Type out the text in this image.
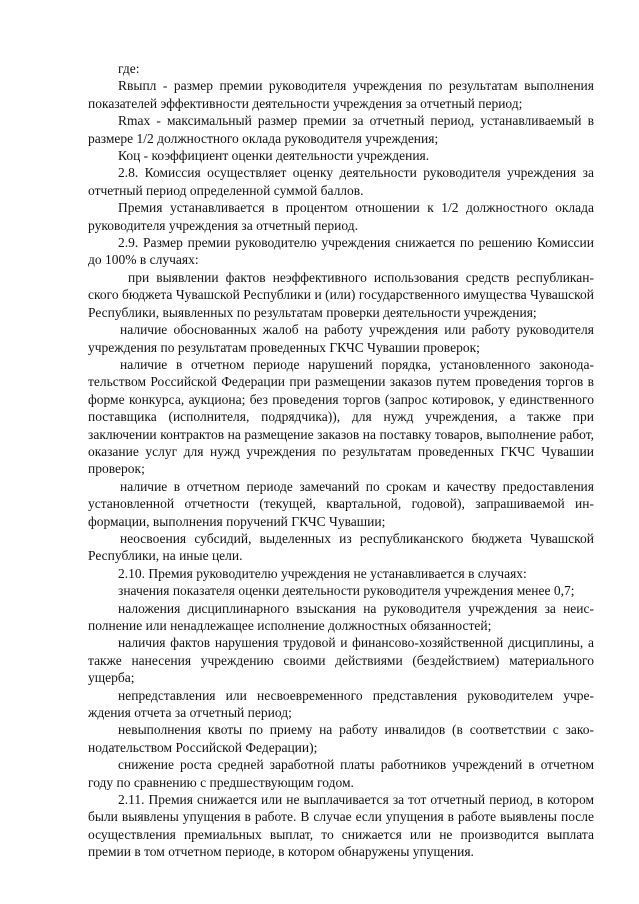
где:

Rвыпл - размер премии руководителя учреждения по результатам выполнения показателей эффективности деятельности учреждения за отчетный период;

Rmax - максимальный размер премии за отчетный период, устанавливаемый в размере 1/2 должностного оклада руководителя учреждения;

Коц - коэффициент оценки деятельности учреждения.

2.8. Комиссия осуществляет оценку деятельности руководителя учреждения за отчетный период определенной суммой баллов.

Премия устанавливается в процентом отношении к 1/2 должностного оклада руководителя учреждения за отчетный период.

2.9. Размер премии руководителю учреждения снижается по решению Комиссии до 100% в случаях:

при выявлении фактов неэффективного использования средств республиканского бюджета Чувашской Республики и (или) государственного имущества Чувашской Республики, выявленных по результатам проверки деятельности учреждения;

наличие обоснованных жалоб на работу учреждения или работу руководителя учреждения по результатам проведенных ГКЧС Чувашии проверок;

наличие в отчетном периоде нарушений порядка, установленного законодательством Российской Федерации при размещении заказов путем проведения торгов в форме конкурса, аукциона; без проведения торгов (запрос котировок, у единственного поставщика (исполнителя, подрядчика)), для нужд учреждения, а также при заключении контрактов на размещение заказов на поставку товаров, выполнение работ, оказание услуг для нужд учреждения по результатам проведенных ГКЧС Чувашии проверок;

наличие в отчетном периоде замечаний по срокам и качеству предоставления установленной отчетности (текущей, квартальной, годовой), запрашиваемой информации, выполнения поручений ГКЧС Чувашии;

неосвоения субсидий, выделенных из республиканского бюджета Чувашской Республики, на иные цели.

2.10. Премия руководителю учреждения не устанавливается в случаях:

значения показателя оценки деятельности руководителя учреждения менее 0,7;

наложения дисциплинарного взыскания на руководителя учреждения за неисполнение или ненадлежащее исполнение должностных обязанностей;

наличия фактов нарушения трудовой и финансово-хозяйственной дисциплины, а также нанесения учреждению своими действиями (бездействием) материального ущерба;

непредставления или несвоевременного представления руководителем учреждения отчета за отчетный период;

невыполнения квоты по приему на работу инвалидов (в соответствии с законодательством Российской Федерации);

снижение роста средней заработной платы работников учреждений в отчетном году по сравнению с предшествующим годом.

2.11. Премия снижается или не выплачивается за тот отчетный период, в котором были выявлены упущения в работе. В случае если упущения в работе выявлены после осуществления премиальных выплат, то снижается или не производится выплата премии в том отчетном периоде, в котором обнаружены упущения.
